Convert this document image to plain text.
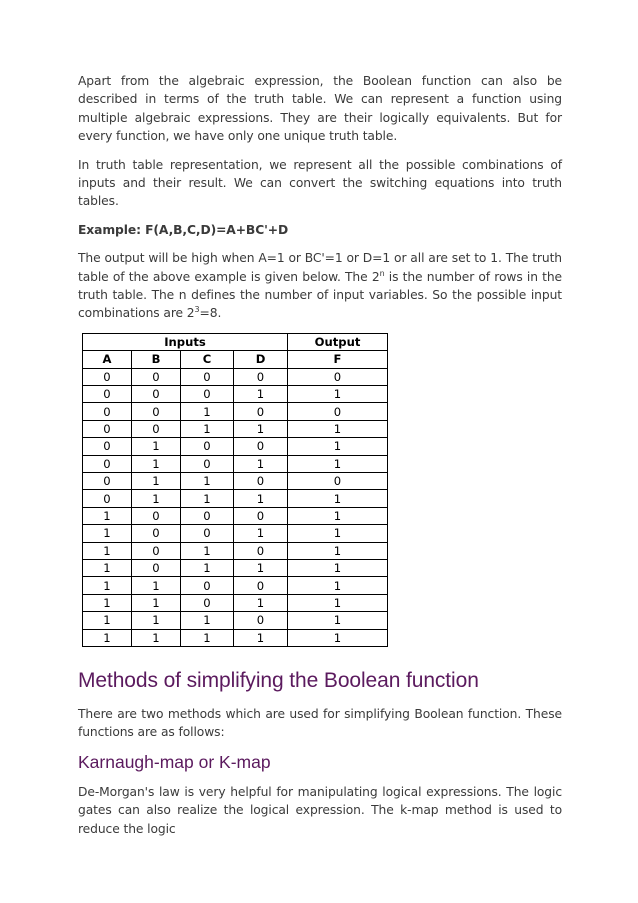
Apart from the algebraic expression, the Boolean function can also be described in terms of the truth table. We can represent a function using multiple algebraic expressions. They are their logically equivalents. But for every function, we have only one unique truth table.

In truth table representation, we represent all the possible combinations of inputs and their result. We can convert the switching equations into truth tables.

Example: F(A,B,C,D)=A+BC'+D

The output will be high when A=1 or BC'=1 or D=1 or all are set to 1. The truth table of the above example is given below. The 2$^n$ is the number of rows in the truth table. The n defines the number of input variables. So the possible input combinations are $2^3=8$.

Inputs				Output
A	B	C	D	F
0	0	0	0	0
0	0	0	1	1
0	0	1	0	0
0	0	1	1	1
0	1	0	0	1
0	1	0	1	1
0	1	1	0	0
0	1	1	1	1
1	0	0	0	1
1	0	0	1	1
1	0	1	0	1
1	0	1	1	1
1	1	0	0	1
1	1	0	1	1
1	1	1	0	1
1	1	1	1	1
Methods of simplifying the Boolean function

There are two methods which are used for simplifying Boolean function. These functions are as follows:

Karnaugh-map or K-map

De-Morgan's law is very helpful for manipulating logical expressions. The logic gates can also realize the logical expression. The k-map method is used to reduce the logic
